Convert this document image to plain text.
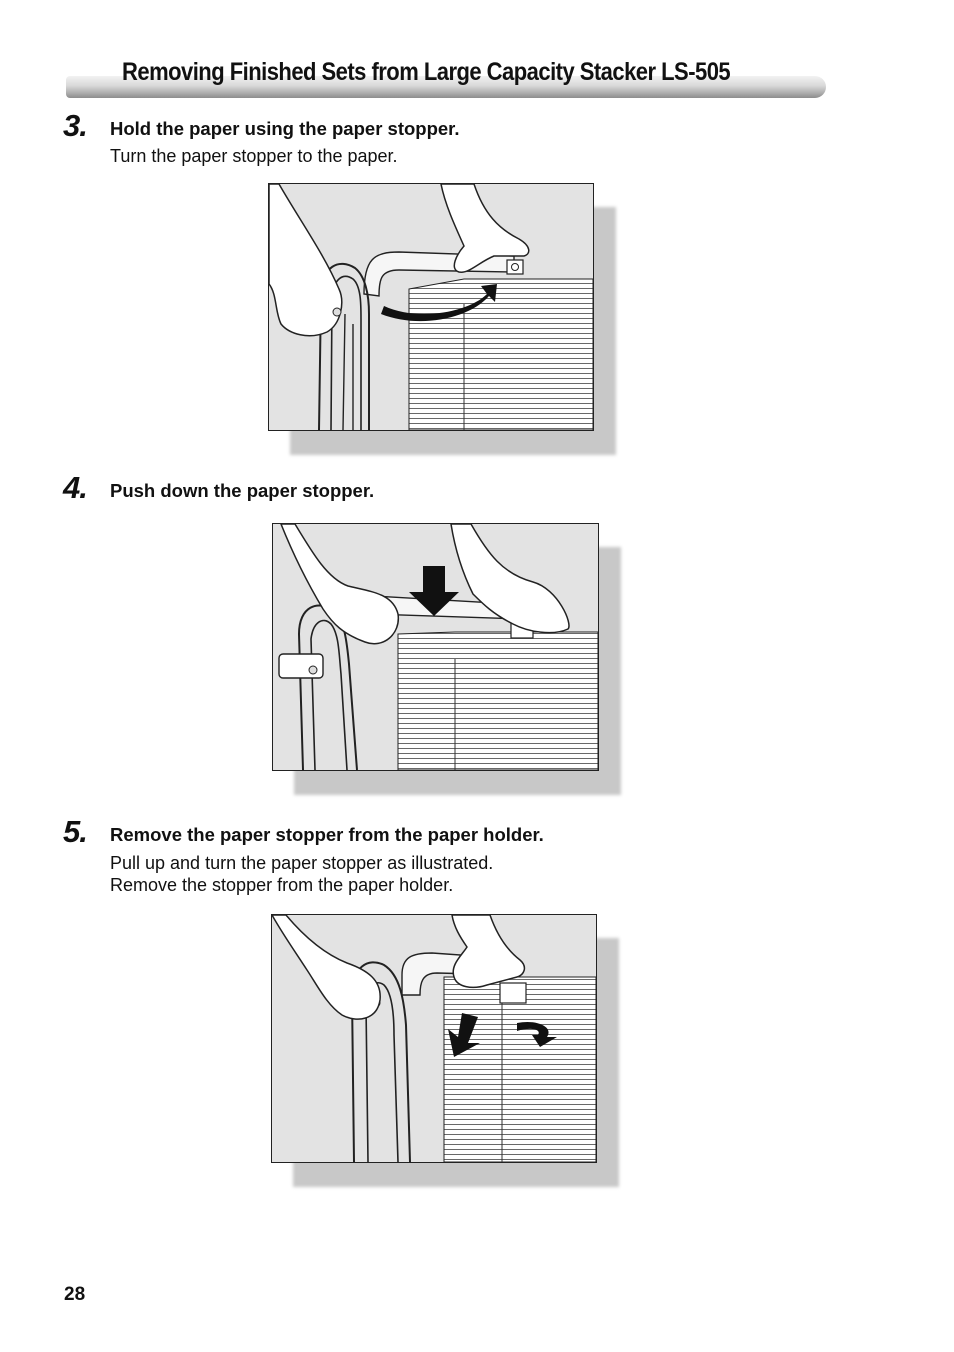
Removing Finished Sets from Large Capacity Stacker LS-505
3. Hold the paper using the paper stopper.
Turn the paper stopper to the paper.
4. Push down the paper stopper.
5. Remove the paper stopper from the paper holder.
Pull up and turn the paper stopper as illustrated.
Remove the stopper from the paper holder.
28
